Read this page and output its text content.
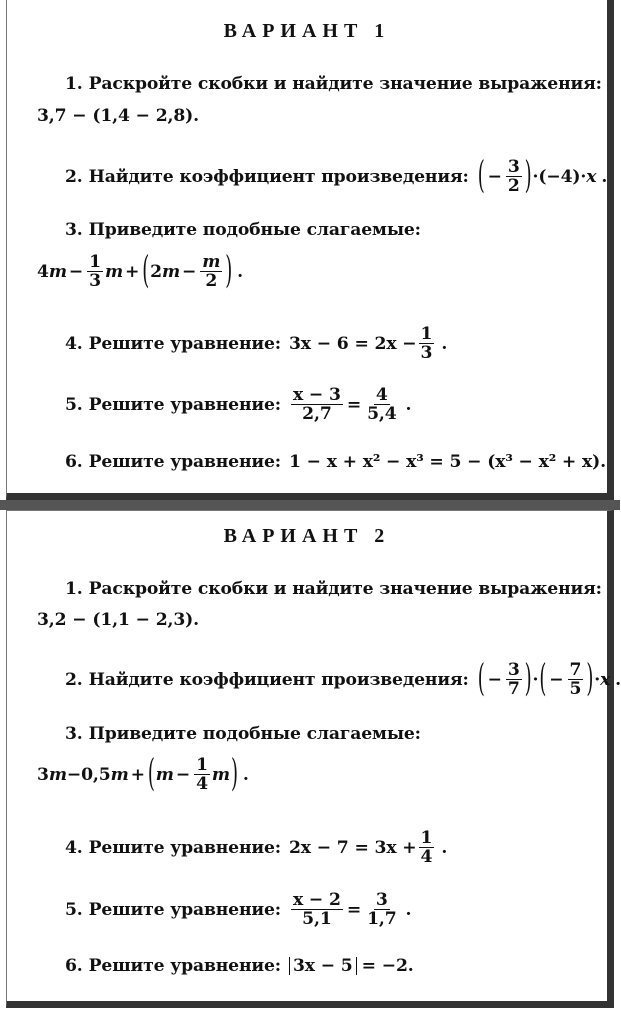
ВАРИАНТ 1
1. Раскройте скобки и найдите значение выражения:
3,7 − (1,4 − 2,8).
2. Найдите коэффициент произведения: ( − $\frac{3}{2}$ ) ·(−4)· x .
3. Приведите подобные слагаемые:
4 $m - \frac{1}{3}$ m + ( 2 $m - \frac{m}{2}$ ) .
4. Решите уравнение: $3x - 6 = 2x - \frac{1}{3}$ .
5. Решите уравнение: $\frac{x - 3}{2,7} = \frac{4}{5,4}$ .
6. Решите уравнение: 1 − x + x² − x³ = 5 − (x³ − x² + x).
ВАРИАНТ 2
1. Раскройте скобки и найдите значение выражения:
3,2 − (1,1 − 2,3).
2. Найдите коэффициент произведения: ( − $\frac{3}{7}$ ) · ( − $\frac{7}{5}$ ) · x .
3. Приведите подобные слагаемые:
3 m −0,5 m + ( $m - \frac{1}{4}$ m ) .
4. Решите уравнение: $2x - 7 = 3x + \frac{1}{4}$ .
5. Решите уравнение: $\frac{x - 2}{5,1} = \frac{3}{1,7}$ .
6. Решите уравнение: 3x − 5 = −2.
